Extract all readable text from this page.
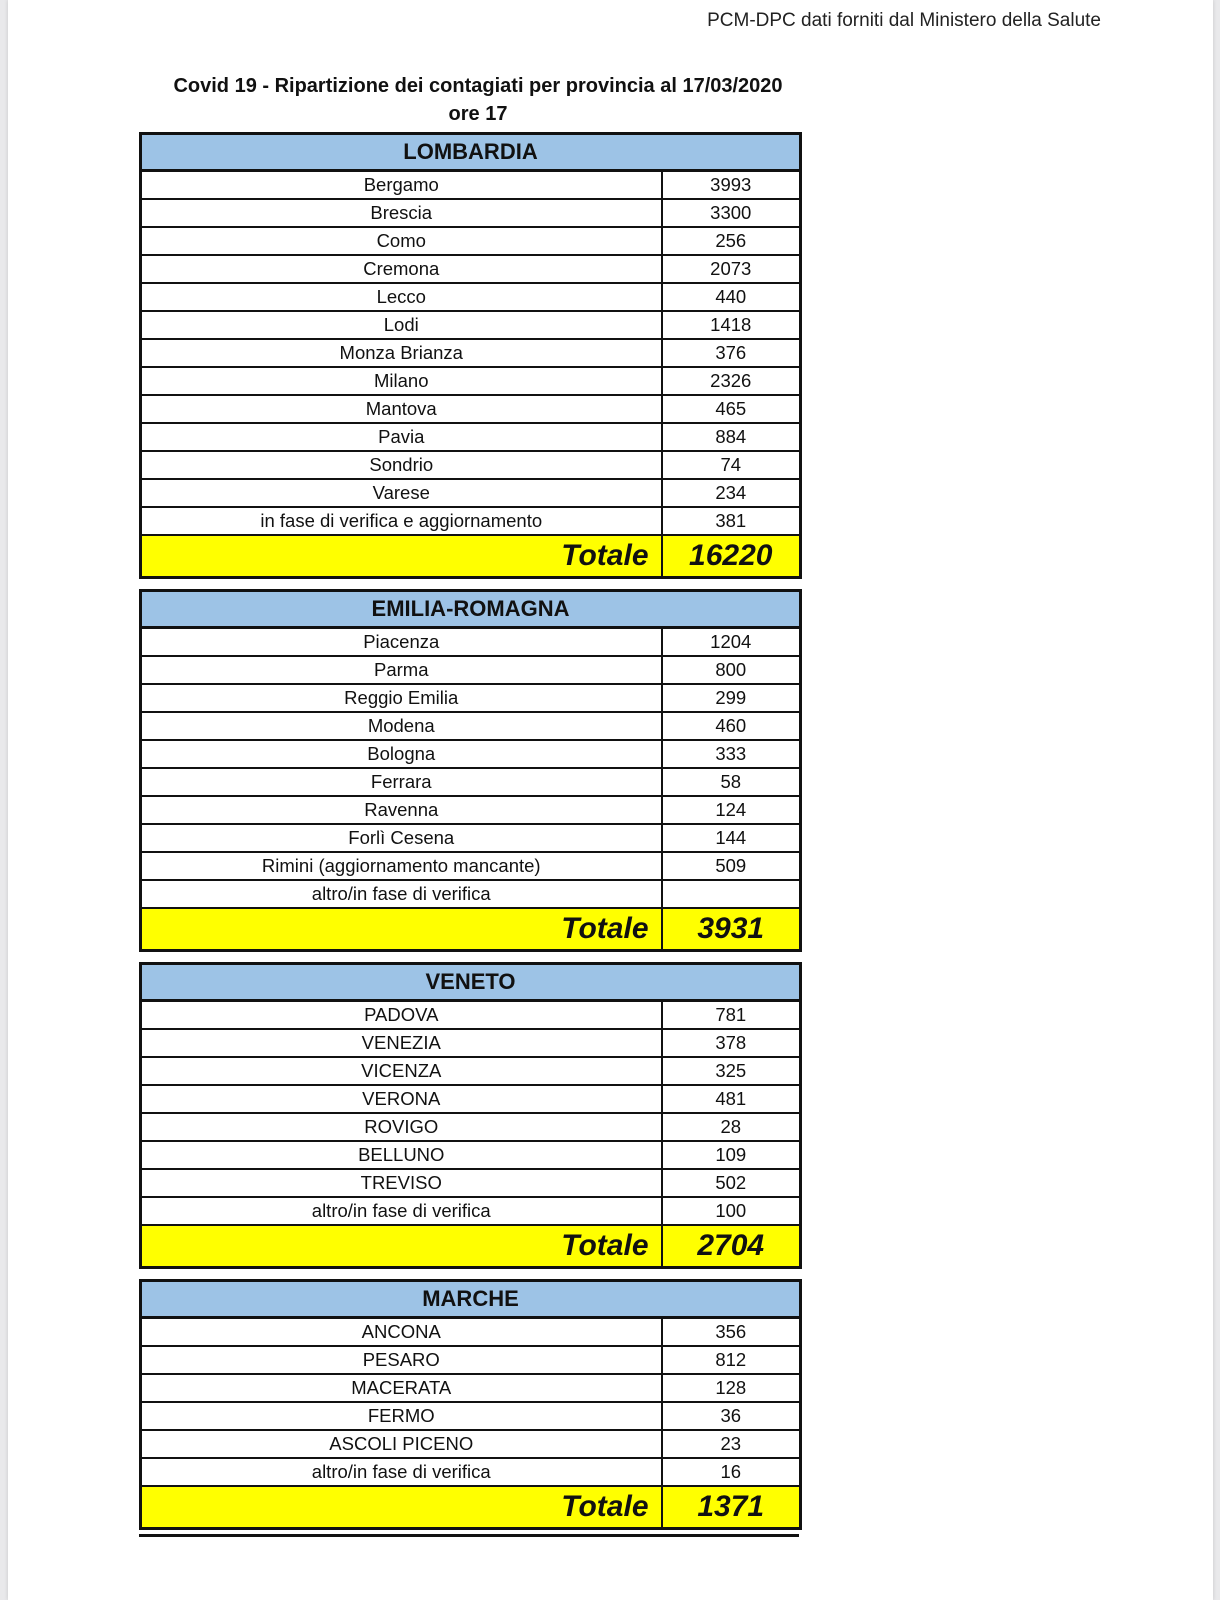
PCM-DPC dati forniti dal Ministero della Salute
Covid 19 - Ripartizione dei contagiati per provincia al 17/03/2020
ore 17
LOMBARDIA	
Bergamo	3993
Brescia	3300
Como	256
Cremona	2073
Lecco	440
Lodi	1418
Monza Brianza	376
Milano	2326
Mantova	465
Pavia	884
Sondrio	74
Varese	234
in fase di verifica e aggiornamento	381
Totale	16220
EMILIA-ROMAGNA	
Piacenza	1204
Parma	800
Reggio Emilia	299
Modena	460
Bologna	333
Ferrara	58
Ravenna	124
Forlì Cesena	144
Rimini (aggiornamento mancante)	509
altro/in fase di verifica	
Totale	3931
VENETO	
PADOVA	781
VENEZIA	378
VICENZA	325
VERONA	481
ROVIGO	28
BELLUNO	109
TREVISO	502
altro/in fase di verifica	100
Totale	2704
MARCHE	
ANCONA	356
PESARO	812
MACERATA	128
FERMO	36
ASCOLI PICENO	23
altro/in fase di verifica	16
Totale	1371
